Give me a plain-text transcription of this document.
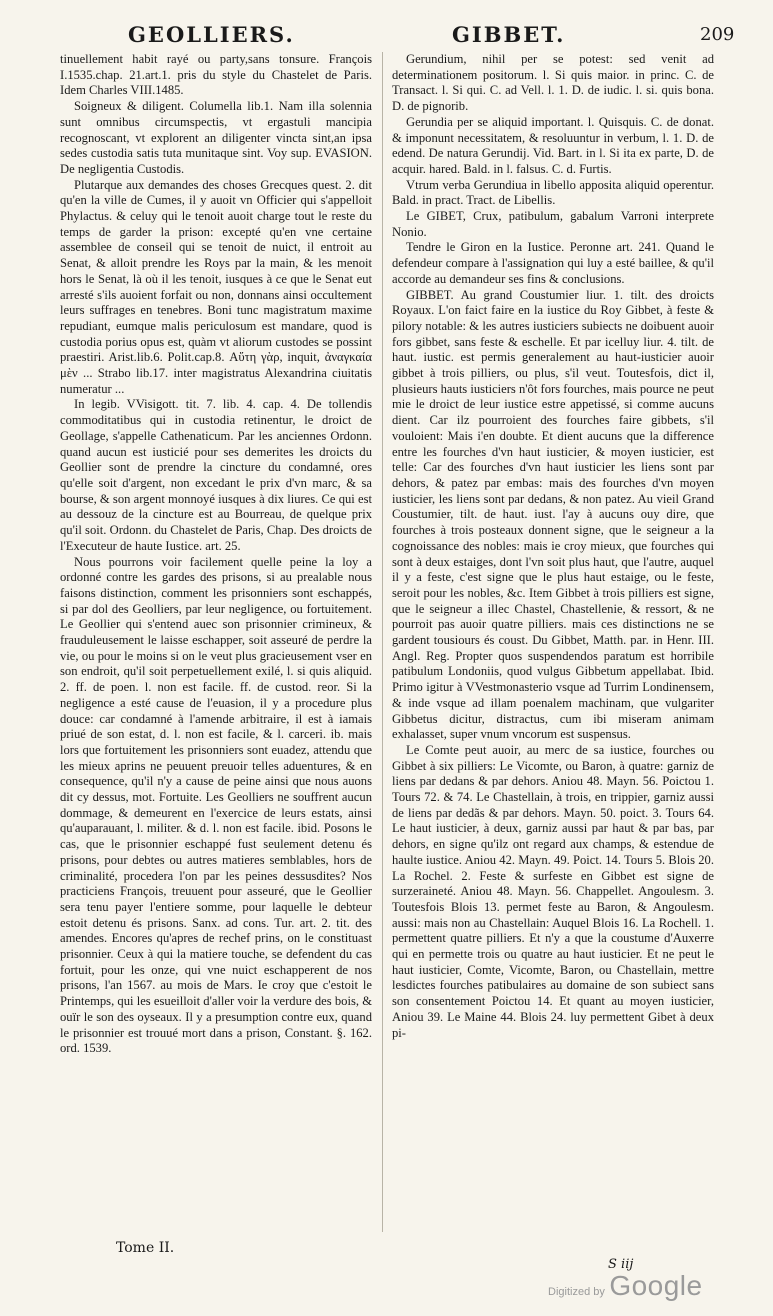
GEOLLIERS.	GIBBET.	209

tinuellement habit rayé ou party,sans tonsure. François I.1535.chap. 21.art.1. pris du style du Chastelet de Paris. Idem Charles VIII.1485.

Soigneux & diligent. Columella lib.1. Nam illa solennia sunt omnibus circumspectis, vt ergastuli mancipia recognoscant, vt explorent an diligenter vincta sint,an ipsa sedes custodia satis tuta munitaque sint. Voy sup. EVASION. De negligentia Custodis.

Plutarque aux demandes des choses Grecques quest. 2. dit qu'en la ville de Cumes, il y auoit vn Officier qui s'appelloit Phylactus. & celuy qui le tenoit auoit charge tout le reste du temps de garder la prison: excepté qu'en vne certaine assemblee de conseil qui se tenoit de nuict, il entroit au Senat, & alloit prendre les Roys par la main, & les menoit hors le Senat, là où il les tenoit, iusques à ce que le Senat eut arresté s'ils auoient forfait ou non, donnans ainsi occultement leurs suffrages en tenebres. Boni tunc magistratum maxime repudiant, eumque malis periculosum est mandare, quod is custodia porius opus est, quàm vt aliorum custodes se possint praestiri. Arist.lib.6. Polit.cap.8. Αὕτη γὰρ, inquit, ἀναγκαία μὲν ... Strabo lib.17. inter magistratus Alexandrina ciuitatis numeratur ...

In legib. VVisigott. tit. 7. lib. 4. cap. 4. De tollendis commoditatibus qui in custodia retinentur, le droict de Geollage, s'appelle Cathenaticum. Par les anciennes Ordonn. quand aucun est iusticié pour ses demerites les droicts du Geollier sont de prendre la cincture du condamné, ores qu'elle soit d'argent, non excedant le prix d'vn marc, & sa bourse, & son argent monnoyé iusques à dix liures. Ce qui est au dessouz de la cincture est au Bourreau, de quelque prix qu'il soit. Ordonn. du Chastelet de Paris, Chap. Des droicts de l'Executeur de haute Iustice. art. 25.

Nous pourrons voir facilement quelle peine la loy a ordonné contre les gardes des prisons, si au prealable nous faisons distinction, comment les prisonniers sont eschappés, si par dol des Geolliers, par leur negligence, ou fortuitement. Le Geollier qui s'entend auec son prisonnier crimineux, & frauduleusement le laisse eschapper, soit asseuré de perdre la vie, ou pour le moins si on le veut plus gracieusement vser en son endroit, qu'il soit perpetuellement exilé, l. si quis aliquid. 2. ff. de poen. l. non est facile. ff. de custod. reor. Si la negligence a esté cause de l'euasion, il y a procedure plus douce: car condamné à l'amende arbitraire, il est à iamais priué de son estat, d. l. non est facile, & l. carceri. ib. mais lors que fortuitement les prisonniers sont euadez, attendu que les mieux aprins ne peuuent preuoir telles aduentures, & en consequence, qu'il n'y a cause de peine ainsi que nous auons dit cy dessus, mot. Fortuite. Les Geolliers ne souffrent aucun dommage, & demeurent en l'exercice de leurs estats, ainsi qu'auparauant, l. militer. & d. l. non est facile. ibid. Posons le cas, que le prisonnier eschappé fust seulement detenu és prisons, pour debtes ou autres matieres semblables, hors de criminalité, procedera l'on par les peines dessusdites? Nos practiciens François, treuuent pour asseuré, que le Geollier sera tenu payer l'entiere somme, pour laquelle le debteur estoit detenu és prisons. Sanx. ad cons. Tur. art. 2. tit. des amendes. Encores qu'apres de rechef prins, on le constituast prisonnier. Ceux à qui la matiere touche, se defendent du cas fortuit, pour les onze, qui vne nuict eschapperent de nos prisons, l'an 1567. au mois de Mars. Ie croy que c'estoit le Printemps, qui les esueilloit d'aller voir la verdure des bois, & ouïr le son des oyseaux. Il y a presumption contre eux, quand le prisonnier est trouué mort dans a prison, Constant. §. 162. ord. 1539.

Gerundium, nihil per se potest: sed venit ad determinationem positorum. l. Si quis maior. in princ. C. de Transact. l. Si qui. C. ad Vell. l. 1. D. de iudic. l. si. quis bona. D. de pignorib.

Gerundia per se aliquid important. l. Quisquis. C. de donat. & imponunt necessitatem, & resoluuntur in verbum, l. 1. D. de edend. De natura Gerundij. Vid. Bart. in l. Si ita ex parte, D. de acquir. hared. Bald. in l. falsus. C. d. Furtis.

Vtrum verba Gerundiua in libello apposita aliquid operentur. Bald. in pract. Tract. de Libellis.

Le GIBET, Crux, patibulum, gabalum Varroni interprete Nonio.

Tendre le Giron en la Iustice. Peronne art. 241. Quand le defendeur compare à l'assignation qui luy a esté baillee, & qu'il accorde au demandeur ses fins & conclusions.

GIBBET. Au grand Coustumier liur. 1. tilt. des droicts Royaux. L'on faict faire en la iustice du Roy Gibbet, à feste & pilory notable: & les autres iusticiers subiects ne doibuent auoir fors gibbet, sans feste & eschelle. Et par icelluy liur. 4. tilt. de haut. iustic. est permis generalement au haut-iusticier auoir gibbet à trois pilliers, ou plus, s'il veut. Toutesfois, dict il, plusieurs hauts iusticiers n'ôt fors fourches, mais pource ne peut mie le droict de leur iustice estre appetissé, si comme aucuns dient. Car ilz pourroient des fourches faire gibbets, s'il vouloient: Mais i'en doubte. Et dient aucuns que la difference entre les fourches d'vn haut iusticier, & moyen iusticier, est telle: Car des fourches d'vn haut iusticier les liens sont par dehors, & patez par embas: mais des fourches d'vn moyen iusticier, les liens sont par dedans, & non patez. Au vieil Grand Coustumier, tilt. de haut. iust. l'ay à aucuns ouy dire, que fourches à trois posteaux donnent signe, que le seigneur a la cognoissance des nobles: mais ie croy mieux, que fourches qui sont à deux estaiges, dont l'vn soit plus haut, que l'autre, auquel il y a feste, c'est signe que le plus haut estaige, ou le feste, seroit pour les nobles, &c. Item Gibbet à trois pilliers est signe, que le seigneur a illec Chastel, Chastellenie, & ressort, & ne pourroit pas auoir quatre pilliers. mais ces distinctions ne se gardent tousiours és coust. Du Gibbet, Matth. par. in Henr. III. Angl. Reg. Propter quos suspendendos paratum est horribile patibulum Londoniis, quod vulgus Gibbetum appellabat. Ibid. Primo igitur à VVestmonasterio vsque ad Turrim Londinensem, & inde vsque ad illam poenalem machinam, que vulgariter Gibbetus dicitur, distractus, cum ibi miseram animam exhalasset, super vnum vncorum est suspensus.

Le Comte peut auoir, au merc de sa iustice, fourches ou Gibbet à six pilliers: Le Vicomte, ou Baron, à quatre: garniz de liens par dedans & par dehors. Aniou 48. Mayn. 56. Poictou 1. Tours 72. & 74. Le Chastellain, à trois, en trippier, garniz aussi de liens par dedãs & par dehors. Mayn. 50. poict. 3. Tours 64. Le haut iusticier, à deux, garniz aussi par haut & par bas, par dehors, en signe qu'ilz ont regard aux champs, & estendue de haulte iustice. Aniou 42. Mayn. 49. Poict. 14. Tours 5. Blois 20. La Rochel. 2. Feste & surfeste en Gibbet est signe de surzeraineté. Aniou 48. Mayn. 56. Chappellet. Angoulesm. 3. Toutesfois Blois 13. permet feste au Baron, & Angoulesm. aussi: mais non au Chastellain: Auquel Blois 16. La Rochell. 1. permettent quatre pilliers. Et n'y a que la coustume d'Auxerre qui en permette trois ou quatre au haut iusticier. Et ne peut le haut iusticier, Comte, Vicomte, Baron, ou Chastellain, mettre lesdictes fourches patibulaires au domaine de son subiect sans son consentement Poictou 14. Et quant au moyen iusticier, Aniou 39. Le Maine 44. Blois 24. luy permettent Gibet à deux pi-

Tome II.
S iij
Digitized by Google
